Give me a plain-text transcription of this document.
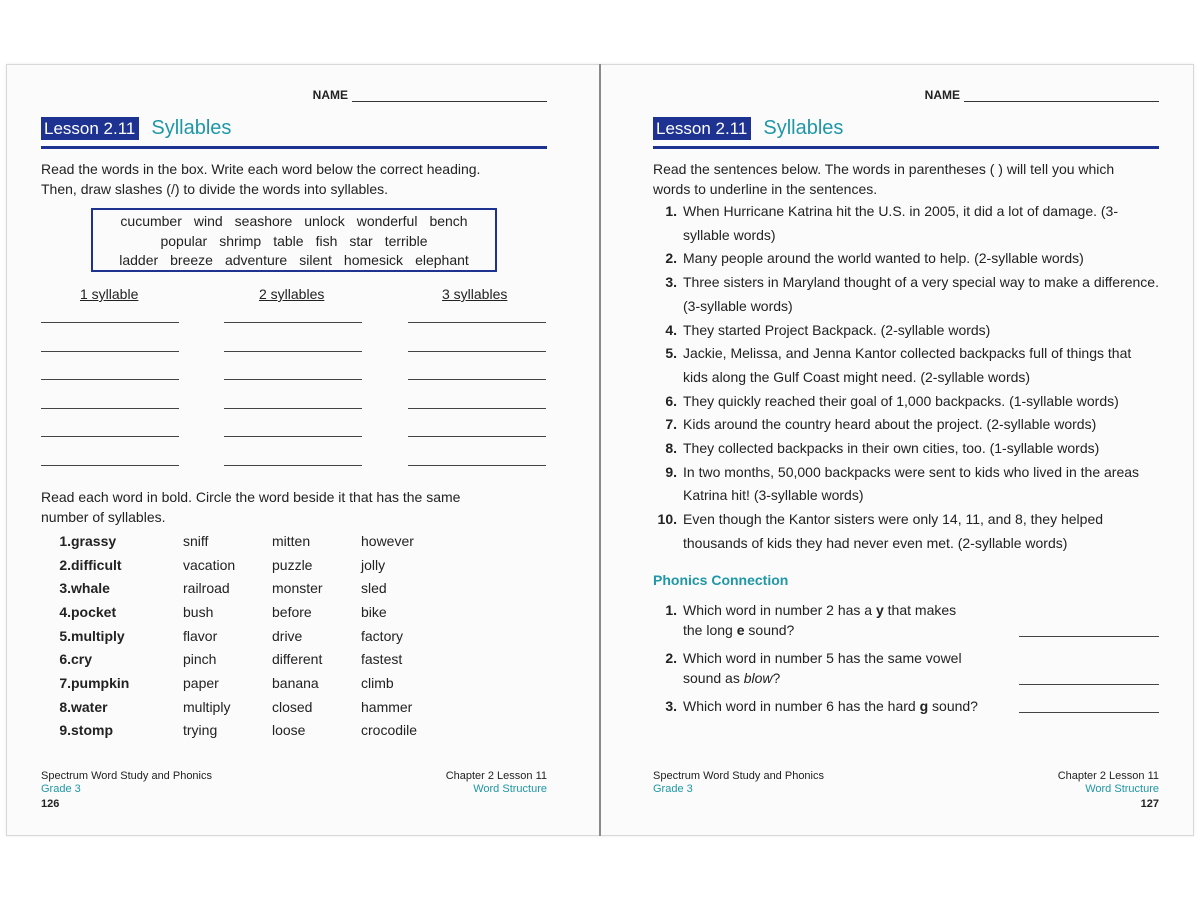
NAME
Lesson 2.11 Syllables
Read the words in the box. Write each word below the correct heading.
Then, draw slashes (/) to divide the words into syllables.
cucumber wind seashore unlock wonderful bench
popular shrimp table fish star terrible
ladder breeze adventure silent homesick elephant
1 syllable	2 syllables	3 syllables
Read each word in bold. Circle the word beside it that has the same
number of syllables.
1. grassy	sniff	mitten	however
2. difficult	vacation	puzzle	jolly
3. whale	railroad	monster	sled
4. pocket	bush	before	bike
5. multiply	flavor	drive	factory
6. cry	pinch	different	fastest
7. pumpkin	paper	banana	climb
8. water	multiply	closed	hammer
9. stomp	trying	loose	crocodile
Spectrum Word Study and Phonics
Grade 3
Chapter 2 Lesson 11
Word Structure
126
NAME
Lesson 2.11 Syllables
Read the sentences below. The words in parentheses ( ) will tell you which
words to underline in the sentences.
1. When Hurricane Katrina hit the U.S. in 2005, it did a lot of damage. (3-syllable words)
2. Many people around the world wanted to help. (2-syllable words)
3. Three sisters in Maryland thought of a very special way to make a difference. (3-syllable words)
4. They started Project Backpack. (2-syllable words)
5. Jackie, Melissa, and Jenna Kantor collected backpacks full of things that kids along the Gulf Coast might need. (2-syllable words)
6. They quickly reached their goal of 1,000 backpacks. (1-syllable words)
7. Kids around the country heard about the project. (2-syllable words)
8. They collected backpacks in their own cities, too. (1-syllable words)
9. In two months, 50,000 backpacks were sent to kids who lived in the areas Katrina hit! (3-syllable words)
10. Even though the Kantor sisters were only 14, 11, and 8, they helped thousands of kids they had never even met. (2-syllable words)
Phonics Connection
1. Which word in number 2 has a y that makes
the long e sound?
2. Which word in number 5 has the same vowel
sound as blow?
3. Which word in number 6 has the hard g sound?
Spectrum Word Study and Phonics
Grade 3
Chapter 2 Lesson 11
Word Structure
127
